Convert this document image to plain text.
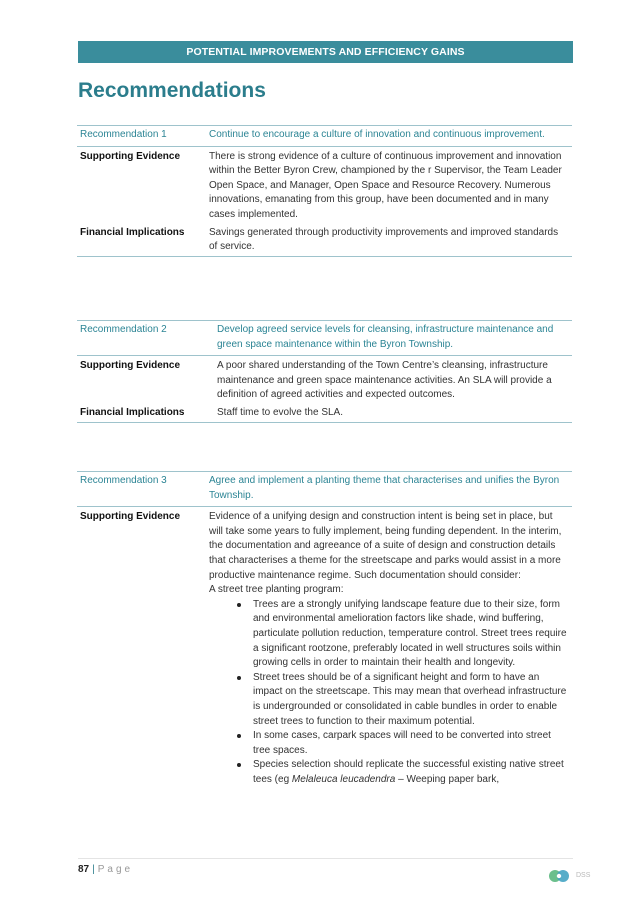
POTENTIAL IMPROVEMENTS AND EFFICIENCY GAINS
Recommendations
Recommendation 1	Continue to encourage a culture of innovation and continuous improvement.
Supporting Evidence	There is strong evidence of a culture of continuous improvement and innovation within the Better Byron Crew, championed by the r Supervisor, the Team Leader Open Space, and Manager, Open Space and Resource Recovery. Numerous innovations, emanating from this group, have been documented and in many cases implemented.
Financial Implications	Savings generated through productivity improvements and improved standards of service.
Recommendation 2	Develop agreed service levels for cleansing, infrastructure maintenance and green space maintenance within the Byron Township.
Supporting Evidence	A poor shared understanding of the Town Centre’s cleansing, infrastructure maintenance and green space maintenance activities. An SLA will provide a definition of agreed activities and expected outcomes.
Financial Implications	Staff time to evolve the SLA.
Recommendation 3	Agree and implement a planting theme that characterises and unifies the Byron Township.
Supporting Evidence	Evidence of a unifying design and construction intent is being set in place, but will take some years to fully implement, being funding dependent. In the interim, the documentation and agreeance of a suite of design and construction details that characterises a theme for the streetscape and parks would assist in a more productive maintenance regime. Such documentation should consider:
A street tree planting program:
Trees are a strongly unifying landscape feature due to their size, form and environmental amelioration factors like shade, wind buffering, particulate pollution reduction, temperature control. Street trees require a significant rootzone, preferably located in well structures soils within growing cells in order to maintain their health and longevity.
Street trees should be of a significant height and form to have an impact on the streetscape. This may mean that overhead infrastructure is undergrounded or consolidated in cable bundles in order to enable street trees to function to their maximum potential.
In some cases, carpark spaces will need to be converted into street tree spaces.
Species selection should replicate the successful existing native street tees (eg Melaleuca leucadendra – Weeping paper bark,
87 | Page
DSS
